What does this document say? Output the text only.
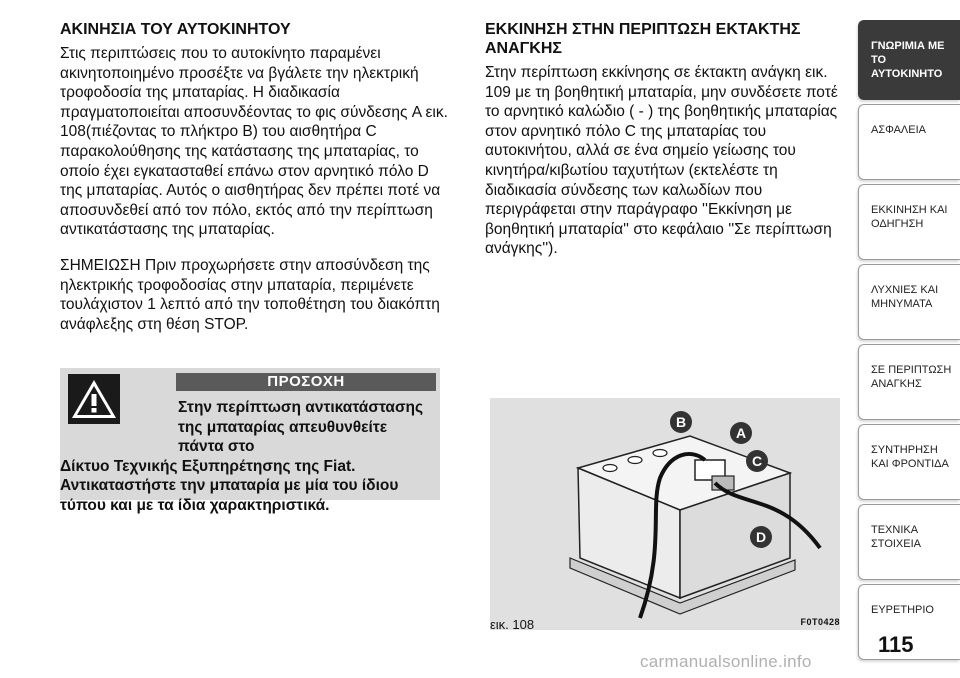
ΑΚΙΝΗΣΙΑ ΤΟΥ ΑΥΤΟΚΙΝΗΤΟΥ

Στις περιπτώσεις που το αυτοκίνητο παραμένει ακινητοποιημένο προσέξτε να βγάλετε την ηλεκτρική τροφοδοσία της μπαταρίας. Η διαδικασία πραγματοποιείται αποσυνδέοντας το φις σύνδεσης A εικ. 108(πιέζοντας το πλήκτρο B) του αισθητήρα C παρακολούθησης της κατάστασης της μπαταρίας, το οποίο έχει εγκατασταθεί επάνω στον αρνητικό πόλο D της μπαταρίας. Αυτός ο αισθητήρας δεν πρέπει ποτέ να αποσυνδεθεί από τον πόλο, εκτός από την περίπτωση αντικατάστασης της μπαταρίας.

ΣΗΜΕΙΩΣΗ Πριν προχωρήσετε στην αποσύνδεση της ηλεκτρικής τροφοδοσίας στην μπαταρία, περιμένετε τουλάχιστον 1 λεπτό από την τοποθέτηση του διακόπτη ανάφλεξης στη θέση STOP.

ΠΡΟΣΟΧΗ
Στην περίπτωση αντικατάστασης της μπαταρίας απευθυνθείτε πάντα στο
Δίκτυο Τεχνικής Εξυπηρέτησης της Fiat. Αντικαταστήστε την μπαταρία με μία του ίδιου τύπου και με τα ίδια χαρακτηριστικά.
ΕΚΚΙΝΗΣΗ ΣΤΗΝ ΠΕΡΙΠΤΩΣΗ ΕΚΤΑΚΤΗΣ ΑΝΑΓΚΗΣ

Στην περίπτωση εκκίνησης σε έκτακτη ανάγκη εικ. 109 με τη βοηθητική μπαταρία, μην συνδέσετε ποτέ το αρνητικό καλώδιο ( - ) της βοηθητικής μπαταρίας στον αρνητικό πόλο C της μπαταρίας του αυτοκινήτου, αλλά σε ένα σημείο γείωσης του κινητήρα/κιβωτίου ταχυτήτων (εκτελέστε τη διαδικασία σύνδεσης των καλωδίων που περιγράφεται στην παράγραφο ''Εκκίνηση με βοηθητική μπαταρία'' στο κεφάλαιο ''Σε περίπτωση ανάγκης'').

B
A
C
D
εικ. 108	F0T0428
ΓΝΩΡΙΜΙΑ ΜΕ ΤΟ ΑΥΤΟΚΙΝΗΤΟ
ΑΣΦΑΛΕΙΑ
ΕΚΚΙΝΗΣΗ ΚΑΙ ΟΔΗΓΗΣΗ
ΛΥΧΝΙΕΣ ΚΑΙ ΜΗΝΥΜΑΤΑ
ΣΕ ΠΕΡΙΠΤΩΣΗ ΑΝΑΓΚΗΣ
ΣΥΝΤΗΡΗΣΗ ΚΑΙ ΦΡΟΝΤΙΔΑ
ΤΕΧΝΙΚΑ ΣΤΟΙΧΕΙΑ
ΕΥΡΕΤΗΡΙΟ
115
carmanualsonline.info
